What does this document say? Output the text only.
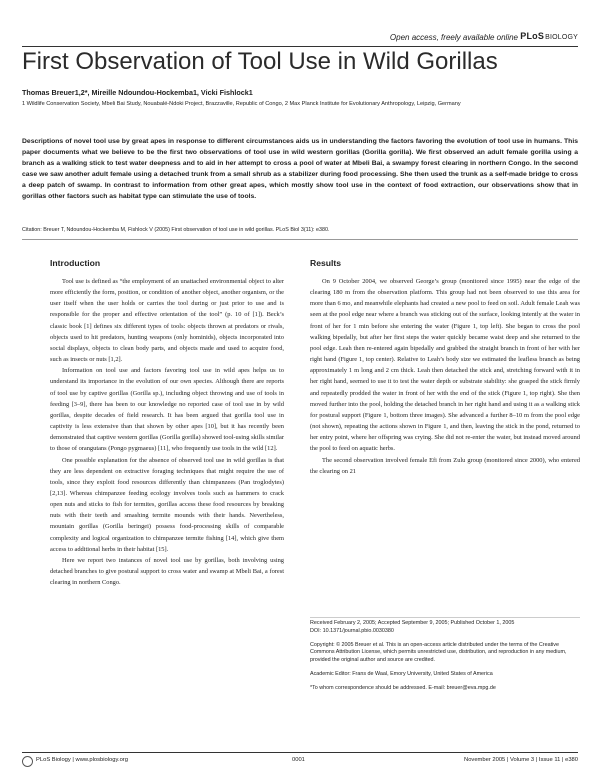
Open access, freely available online PLoSBIOLOGY
First Observation of Tool Use in Wild Gorillas
Thomas Breuer1,2*, Mireille Ndoundou-Hockemba1, Vicki Fishlock1
1 Wildlife Conservation Society, Mbeli Bai Study, Nouabalé-Ndoki Project, Brazzaville, Republic of Congo, 2 Max Planck Institute for Evolutionary Anthropology, Leipzig, Germany
Descriptions of novel tool use by great apes in response to different circumstances aids us in understanding the factors favoring the evolution of tool use in humans. This paper documents what we believe to be the first two observations of tool use in wild western gorillas (Gorilla gorilla). We first observed an adult female gorilla using a branch as a walking stick to test water deepness and to aid in her attempt to cross a pool of water at Mbeli Bai, a swampy forest clearing in northern Congo. In the second case we saw another adult female using a detached trunk from a small shrub as a stabilizer during food processing. She then used the trunk as a self-made bridge to cross a deep patch of swamp. In contrast to information from other great apes, which mostly show tool use in the context of food extraction, our observations show that in gorillas other factors such as habitat type can stimulate the use of tools.
Citation: Breuer T, Ndoundou-Hockemba M, Fishlock V (2005) First observation of tool use in wild gorillas. PLoS Biol 3(11): e380.
Introduction

Tool use is defined as “the employment of an unattached environmental object to alter more efficiently the form, position, or condition of another object, another organism, or the user itself when the user holds or carries the tool during or just prior to use and is responsible for the proper and effective orientation of the tool” (p. 10 of [1]). Beck’s classic book [1] defines six different types of tools: objects thrown at predators or rivals, objects used to hit predators, hunting weapons (only hominids), objects incorporated into social displays, objects to clean body parts, and objects made and used to acquire food, such as insects or nuts [1,2].

Information on tool use and factors favoring tool use in wild apes helps us to understand its importance in the evolution of our own species. Although there are reports of tool use by captive gorillas (Gorilla sp.), including object throwing and use of tools in feeding [3–9], there has been to our knowledge no reported case of tool use in by wild gorillas, despite decades of field research. It has been argued that gorilla tool use in captivity is less extensive than that shown by other apes [10], but it has recently been demonstrated that captive western gorillas (Gorilla gorilla) showed tool-using skills similar to those of orangutans (Pongo pygmaeus) [11], who frequently use tools in the wild [12].

One possible explanation for the absence of observed tool use in wild gorillas is that they are less dependent on extractive foraging techniques that might require the use of tools, since they exploit food resources differently than chimpanzees (Pan troglodytes) [2,13]. Whereas chimpanzee feeding ecology involves tools such as hammers to crack open nuts and sticks to fish for termites, gorillas access these food resources by breaking nuts with their teeth and smashing termite mounds with their hands. Nevertheless, mountain gorillas (Gorilla beringei) possess food-processing skills of comparable complexity and logical organization to chimpanzee termite fishing [14], which give them access to additional herbs in their habitat [15].

Here we report two instances of novel tool use by gorillas, both involving using detached branches to give postural support to cross water and swamp at Mbeli Bai, a forest clearing in northern Congo.

Results

On 9 October 2004, we observed George’s group (monitored since 1995) near the edge of the clearing 180 m from the observation platform. This group had not been observed to use this area for more than 6 mo, and meanwhile elephants had created a new pool to feed on soil. Adult female Leah was seen at the pool edge near where a branch was sticking out of the surface, looking intently at the water in front of her for 1 min before she entering the water (Figure 1, top left). She began to cross the pool walking bipedally, but after her first steps the water quickly became waist deep and she returned to the pool edge. Leah then re-entered again bipedally and grabbed the straight branch in front of her with her right hand (Figure 1, top center). Relative to Leah’s body size we estimated the leafless branch as being approximately 1 m long and 2 cm thick. Leah then detached the stick and, stretching forward with it in her right hand, seemed to use it to test the water depth or substrate stability: she grasped the stick firmly and repeatedly prodded the water in front of her with the end of the stick (Figure 1, top right). She then moved further into the pool, holding the detached branch in her right hand and using it as a walking stick for postural support (Figure 1, bottom three images). She advanced a further 8–10 m from the pool edge (not shown), repeating the actions shown in Figure 1, and then, leaving the stick in the pond, returned to her entry point, where her offspring was crying. She did not re-enter the water, but instead moved around the pool to feed on aquatic herbs.

The second observation involved female Efi from Zulu group (monitored since 2000), who entered the clearing on 21

Received February 2, 2005; Accepted September 9, 2005; Published October 1, 2005
DOI: 10.1371/journal.pbio.0030380
Copyright: © 2005 Breuer et al. This is an open-access article distributed under the terms of the Creative Commons Attribution License, which permits unrestricted use, distribution, and reproduction in any medium, provided the original author and source are credited.
Academic Editor: Frans de Waal, Emory University, United States of America
*To whom correspondence should be addressed. E-mail: breuer@eva.mpg.de
PLoS Biology | www.plosbiology.org	0001	November 2005 | Volume 3 | Issue 11 | e380
